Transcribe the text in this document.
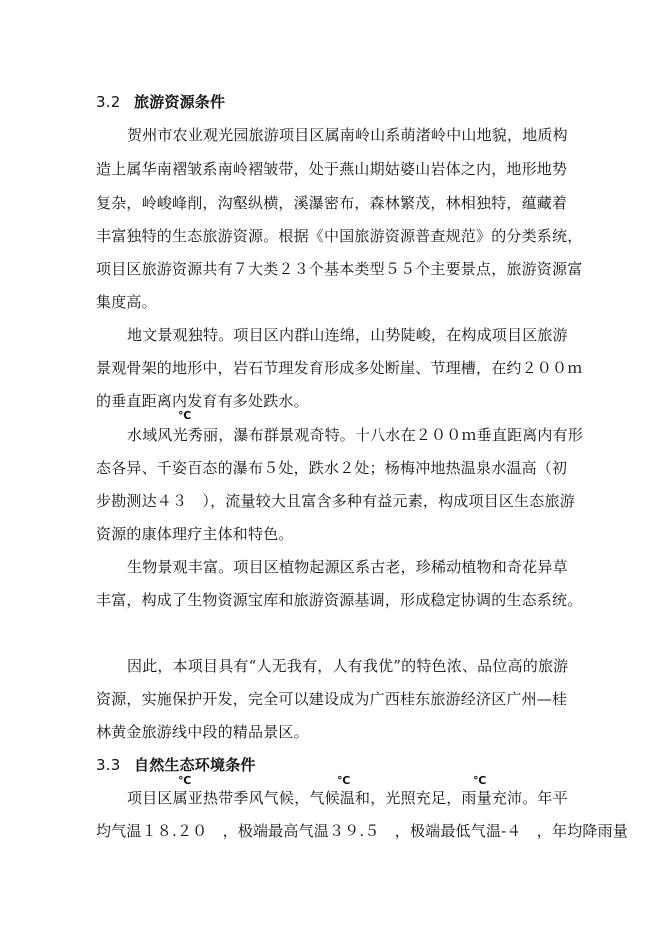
3.2 旅游资源条件
贺州市农业观光园旅游项目区属南岭山系萌渚岭中山地貌，地质构
造上属华南褶皱系南岭褶皱带，处于燕山期姑婆山岩体之内，地形地势
复杂，岭峻峰削，沟壑纵横，溪瀑密布，森林繁茂，林相独特，蕴藏着
丰富独特的生态旅游资源。根据《中国旅游资源普查规范》的分类系统，
项目区旅游资源共有７大类２３个基本类型５５个主要景点，旅游资源富
集度高。
地文景观独特。项目区内群山连绵，山势陡峻，在构成项目区旅游
景观骨架的地形中，岩石节理发育形成多处断崖、节理槽，在约２００ｍ
的垂直距离内发育有多处跌水。
℃
水域风光秀丽，瀑布群景观奇特。十八水在２００ｍ垂直距离内有形
态各异、千姿百态的瀑布５处，跌水２处；杨梅冲地热温泉水温高（初
步勘测达４３　），流量较大且富含多种有益元素，构成项目区生态旅游
资源的康体理疗主体和特色。
生物景观丰富。项目区植物起源区系古老，珍稀动植物和奇花异草
丰富，构成了生物资源宝库和旅游资源基调，形成稳定协调的生态系统。
因此，本项目具有“人无我有，人有我优”的特色浓、品位高的旅游
资源，实施保护开发，完全可以建设成为广西桂东旅游经济区广州—桂
林黄金旅游线中段的精品景区。
3.3 自然生态环境条件
℃	℃	℃
项目区属亚热带季风气候，气候温和，光照充足，雨量充沛。年平
均气温１８.２０　，极端最高气温３９.５　，极端最低气温-４　，年均降雨量
